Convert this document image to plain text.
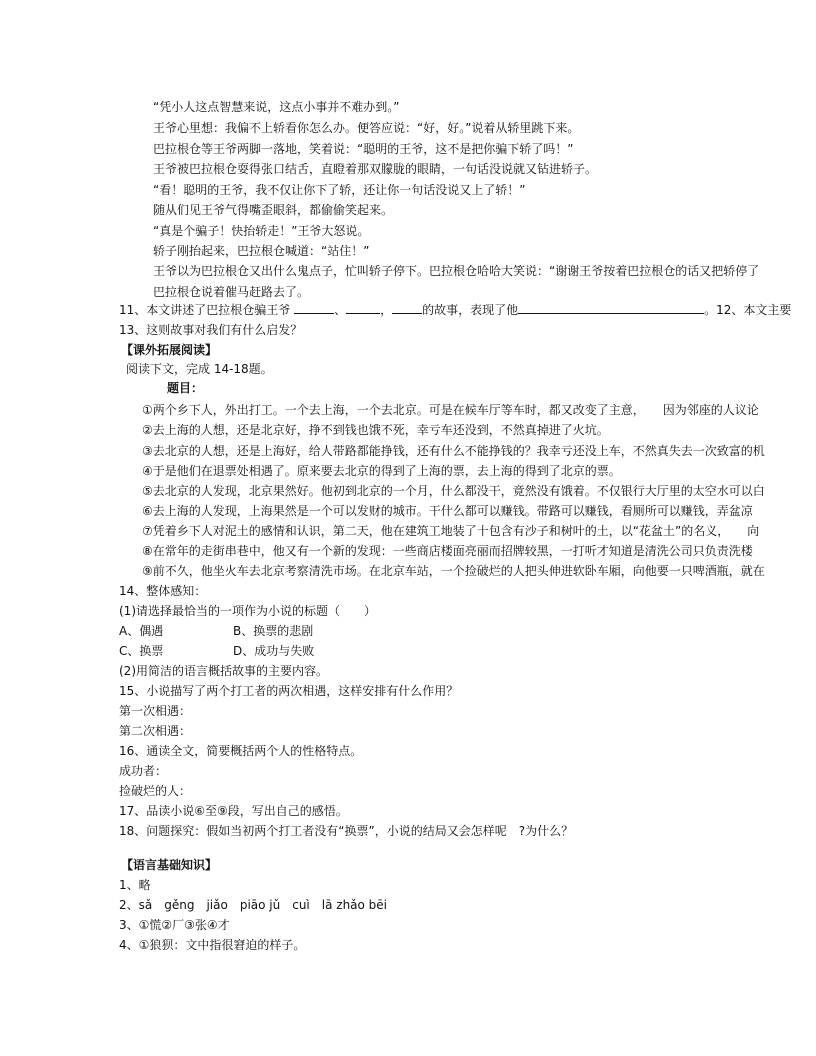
“凭小人这点智慧来说，这点小事并不难办到。”
王爷心里想：我偏不上轿看你怎么办。便答应说：“好，好。”说着从轿里跳下来。
巴拉根仓等王爷两脚一落地，笑着说：“聪明的王爷，这不是把你骗下轿了吗！”
王爷被巴拉根仓耍得张口结舌，直瞪着那双朦胧的眼睛，一句话没说就又钻进轿子。
“看！聪明的王爷，我不仅让你下了轿，还让你一句话没说又上了轿！”
随从们见王爷气得嘴歪眼斜，都偷偷笑起来。
“真是个骗子！快抬轿走！”王爷大怒说。
轿子刚抬起来，巴拉根仓喊道：“站住！”
王爷以为巴拉根仓又出什么鬼点子，忙叫轿子停下。巴拉根仓哈哈大笑说：“谢谢王爷按着巴拉根仓的话又把轿停了
巴拉根仓说着催马赶路去了。
11、本文讲述了巴拉根仓骗王爷	、	，	的故事，表现了他	。12、本文主要
13、这则故事对我们有什么启发？
【课外拓展阅读】
阅读下文，完成 14-18题。
题目：
①两个乡下人，外出打工。一个去上海，一个去北京。可是在候车厅等车时，都又改变了主意，　　因为邻座的人议论
②去上海的人想，还是北京好，挣不到钱也饿不死，幸亏车还没到，不然真掉进了火坑。
③去北京的人想，还是上海好，给人带路都能挣钱，还有什么不能挣钱的？我幸亏还没上车，不然真失去一次致富的机
④于是他们在退票处相遇了。原来要去北京的得到了上海的票，去上海的得到了北京的票。
⑤去北京的人发现，北京果然好。他初到北京的一个月，什么都没干，竟然没有饿着。不仅银行大厅里的太空水可以白
⑥去上海的人发现，上海果然是一个可以发财的城市。干什么都可以赚钱。带路可以赚钱，看厕所可以赚钱，弄盆凉
⑦凭着乡下人对泥土的感情和认识，第二天，他在建筑工地装了十包含有沙子和树叶的土，以“花盆土”的名义，　　向
⑧在常年的走街串巷中，他又有一个新的发现：一些商店楼面亮丽而招牌较黑，一打听才知道是清洗公司只负责洗楼
⑨前不久，他坐火车去北京考察清洗市场。在北京车站，一个捡破烂的人把头伸进软卧车厢，向他要一只啤酒瓶，就在
14、整体感知：
(1)请选择最恰当的一项作为小说的标题（　　）
A、偶遇	B、换票的悲剧
C、换票	D、成功与失败
(2)用简洁的语言概括故事的主要内容。
15、小说描写了两个打工者的两次相遇，这样安排有什么作用？
第一次相遇：
第二次相遇：
16、通读全文，简要概括两个人的性格特点。
成功者：
捡破烂的人：
17、品读小说⑥至⑨段，写出自己的感悟。
18、问题探究：假如当初两个打工者没有“换票”，小说的结局又会怎样呢　?为什么？
【语言基础知识】
1、略
2、sǎ　gěng　jiǎo　piāo jǔ　cuì　lā zhǎo bēi
3、①慌②厂③张④才
4、①狼狈：文中指很窘迫的样子。
